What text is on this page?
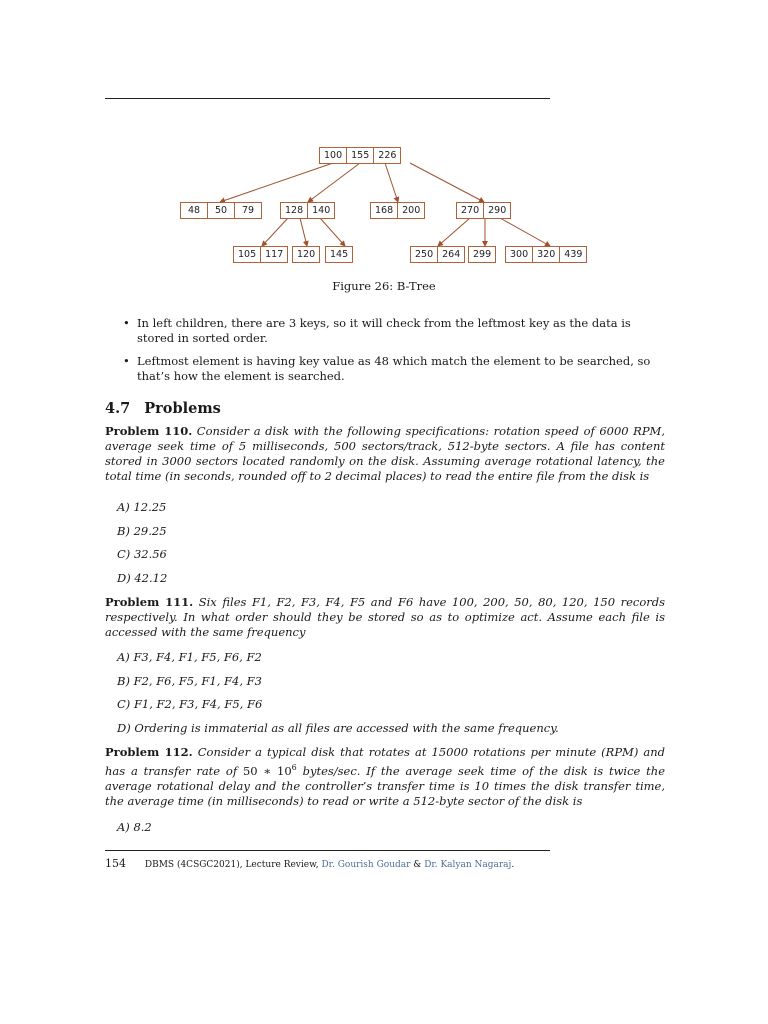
100 155 226
48	50	79	128 140	168 200	270 290
105 117	120	145	250 264	299	300 320 439
Figure 26: B-Tree
• In left children, there are 3 keys, so it will check from the leftmost key as the data is stored in sorted order.
• Leftmost element is having key value as 48 which match the element to be searched, so that’s how the element is searched.
4.7 Problems
Problem 110. Consider a disk with the following specifications: rotation speed of 6000 RPM, average seek time of 5 milliseconds, 500 sectors/track, 512-byte sectors. A file has content stored in 3000 sectors located randomly on the disk. Assuming average rotational latency, the total time (in seconds, rounded off to 2 decimal places) to read the entire file from the disk is
A) 12.25
B) 29.25
C) 32.56
D) 42.12
Problem 111. Six files F1, F2, F3, F4, F5 and F6 have 100, 200, 50, 80, 120, 150 records respectively. In what order should they be stored so as to optimize act. Assume each file is accessed with the same frequency
A) F3, F4, F1, F5, F6, F2
B) F2, F6, F5, F1, F4, F3
C) F1, F2, F3, F4, F5, F6
D) Ordering is immaterial as all files are accessed with the same frequency.
Problem 112. Consider a typical disk that rotates at 15000 rotations per minute (RPM) and has a transfer rate of 50 ∗ $10^6$ bytes/sec. If the average seek time of the disk is twice the average rotational delay and the controller’s transfer time is 10 times the disk transfer time, the average time (in milliseconds) to read or write a 512-byte sector of the disk is
A) 8.2
154 DBMS (4CSGC2021), Lecture Review, Dr. Gourish Goudar & Dr. Kalyan Nagaraj.
